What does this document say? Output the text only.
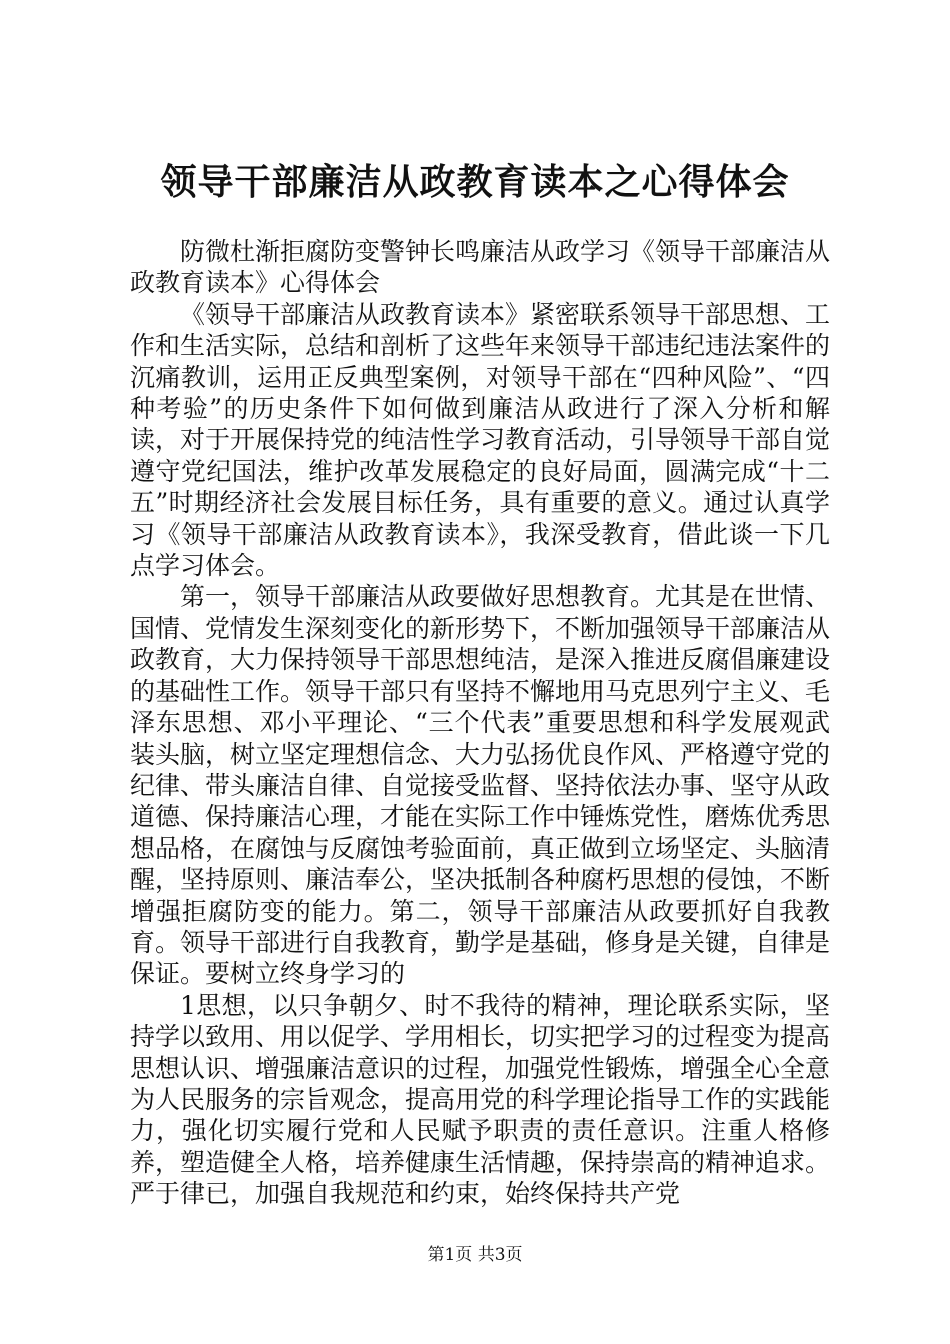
领导干部廉洁从政教育读本之心得体会

防微杜渐拒腐防变警钟长鸣廉洁从政学习《领导干部廉洁从政教育读本》心得体会

《领导干部廉洁从政教育读本》紧密联系领导干部思想、工作和生活实际，总结和剖析了这些年来领导干部违纪违法案件的沉痛教训，运用正反典型案例，对领导干部在“四种风险”、“四种考验”的历史条件下如何做到廉洁从政进行了深入分析和解读，对于开展保持党的纯洁性学习教育活动，引导领导干部自觉遵守党纪国法，维护改革发展稳定的良好局面，圆满完成“十二五”时期经济社会发展目标任务，具有重要的意义。通过认真学习《领导干部廉洁从政教育读本》，我深受教育，借此谈一下几点学习体会。

第一，领导干部廉洁从政要做好思想教育。尤其是在世情、国情、党情发生深刻变化的新形势下，不断加强领导干部廉洁从政教育，大力保持领导干部思想纯洁，是深入推进反腐倡廉建设的基础性工作。领导干部只有坚持不懈地用马克思列宁主义、毛泽东思想、邓小平理论、“三个代表”重要思想和科学发展观武装头脑，树立坚定理想信念、大力弘扬优良作风、严格遵守党的纪律、带头廉洁自律、自觉接受监督、坚持依法办事、坚守从政道德、保持廉洁心理，才能在实际工作中锤炼党性，磨炼优秀思想品格，在腐蚀与反腐蚀考验面前，真正做到立场坚定、头脑清醒，坚持原则、廉洁奉公，坚决抵制各种腐朽思想的侵蚀，不断增强拒腐防变的能力。第二，领导干部廉洁从政要抓好自我教育。领导干部进行自我教育，勤学是基础，修身是关键，自律是保证。要树立终身学习的

1思想，以只争朝夕、时不我待的精神，理论联系实际，坚持学以致用、用以促学、学用相长，切实把学习的过程变为提高思想认识、增强廉洁意识的过程，加强党性锻炼，增强全心全意为人民服务的宗旨观念，提高用党的科学理论指导工作的实践能力，强化切实履行党和人民赋予职责的责任意识。注重人格修养，塑造健全人格，培养健康生活情趣，保持崇高的精神追求。严于律已，加强自我规范和约束，始终保持共产党

第1页 共3页
